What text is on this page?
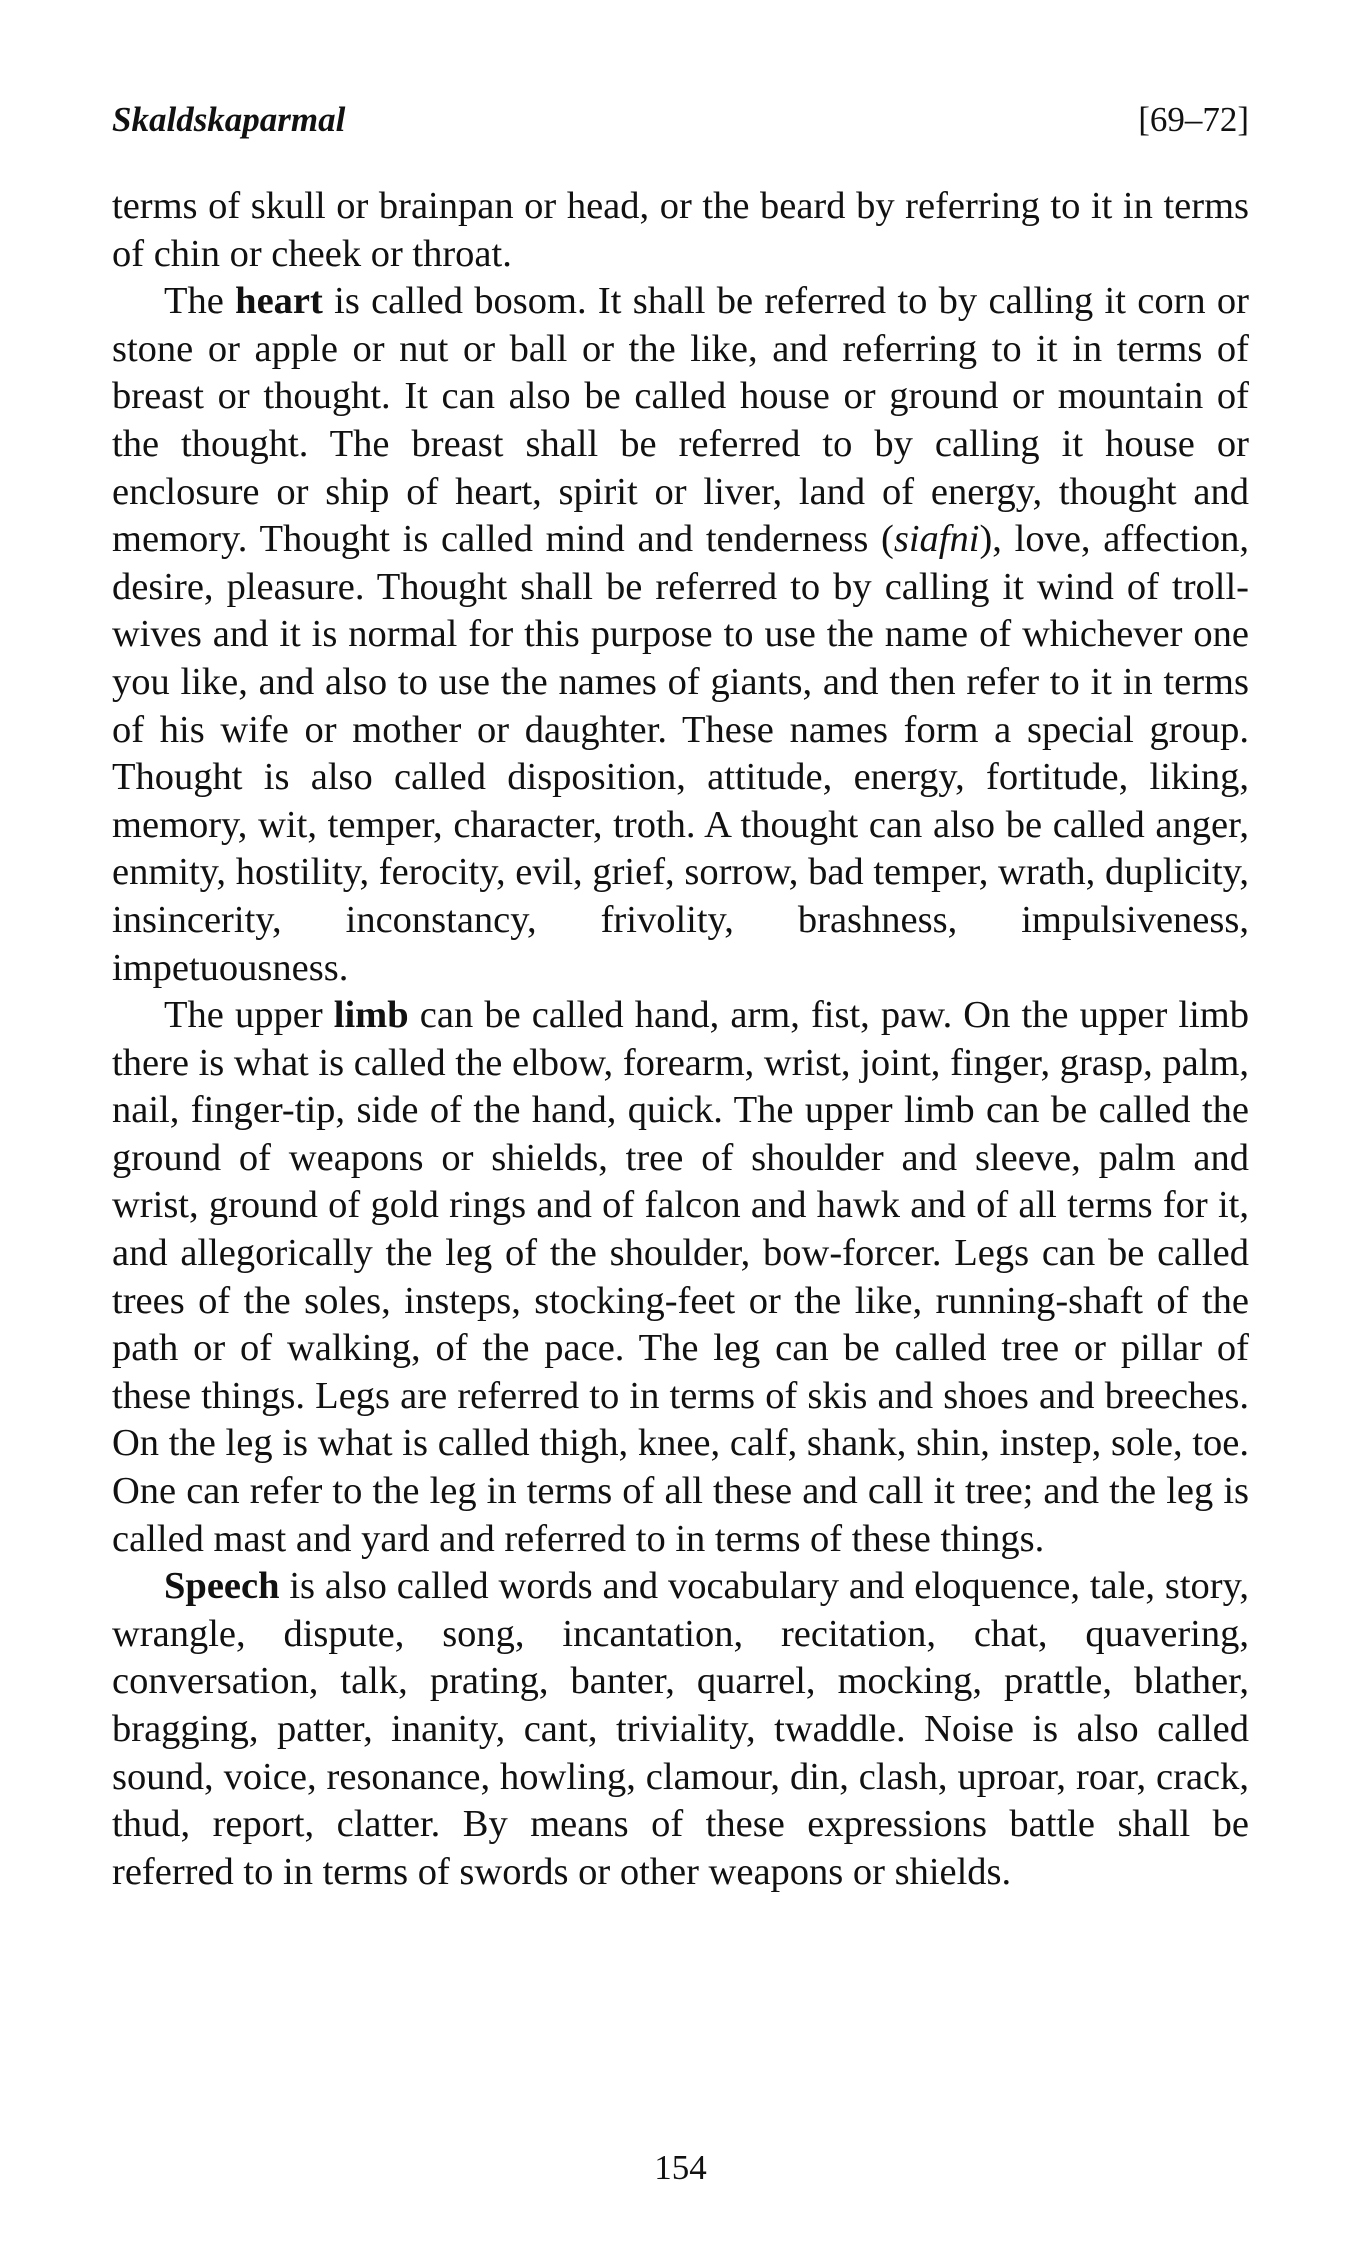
Skaldskaparmal	[69–72]

terms of skull or brainpan or head, or the beard by referring to it in terms of chin or cheek or throat.

The heart is called bosom. It shall be referred to by calling it corn or stone or apple or nut or ball or the like, and referring to it in terms of breast or thought. It can also be called house or ground or mountain of the thought. The breast shall be referred to by calling it house or enclosure or ship of heart, spirit or liver, land of energy, thought and memory. Thought is called mind and tenderness (siafni), love, affection, desire, pleasure. Thought shall be referred to by calling it wind of troll-wives and it is normal for this purpose to use the name of whichever one you like, and also to use the names of giants, and then refer to it in terms of his wife or mother or daughter. These names form a special group. Thought is also called disposition, attitude, energy, fortitude, liking, memory, wit, temper, character, troth. A thought can also be called anger, enmity, hostility, ferocity, evil, grief, sorrow, bad temper, wrath, duplicity, insincerity, inconstancy, frivolity, brashness, impulsiveness, impetuousness.

The upper limb can be called hand, arm, fist, paw. On the upper limb there is what is called the elbow, forearm, wrist, joint, finger, grasp, palm, nail, finger-tip, side of the hand, quick. The upper limb can be called the ground of weapons or shields, tree of shoulder and sleeve, palm and wrist, ground of gold rings and of falcon and hawk and of all terms for it, and allegorically the leg of the shoulder, bow-forcer. Legs can be called trees of the soles, insteps, stocking-feet or the like, running-shaft of the path or of walking, of the pace. The leg can be called tree or pillar of these things. Legs are referred to in terms of skis and shoes and breeches. On the leg is what is called thigh, knee, calf, shank, shin, instep, sole, toe. One can refer to the leg in terms of all these and call it tree; and the leg is called mast and yard and referred to in terms of these things.

Speech is also called words and vocabulary and eloquence, tale, story, wrangle, dispute, song, incantation, recitation, chat, quavering, conversation, talk, prating, banter, quarrel, mocking, prattle, blather, bragging, patter, inanity, cant, triviality, twaddle. Noise is also called sound, voice, resonance, howling, clamour, din, clash, uproar, roar, crack, thud, report, clatter. By means of these expressions battle shall be referred to in terms of swords or other weapons or shields.

154
